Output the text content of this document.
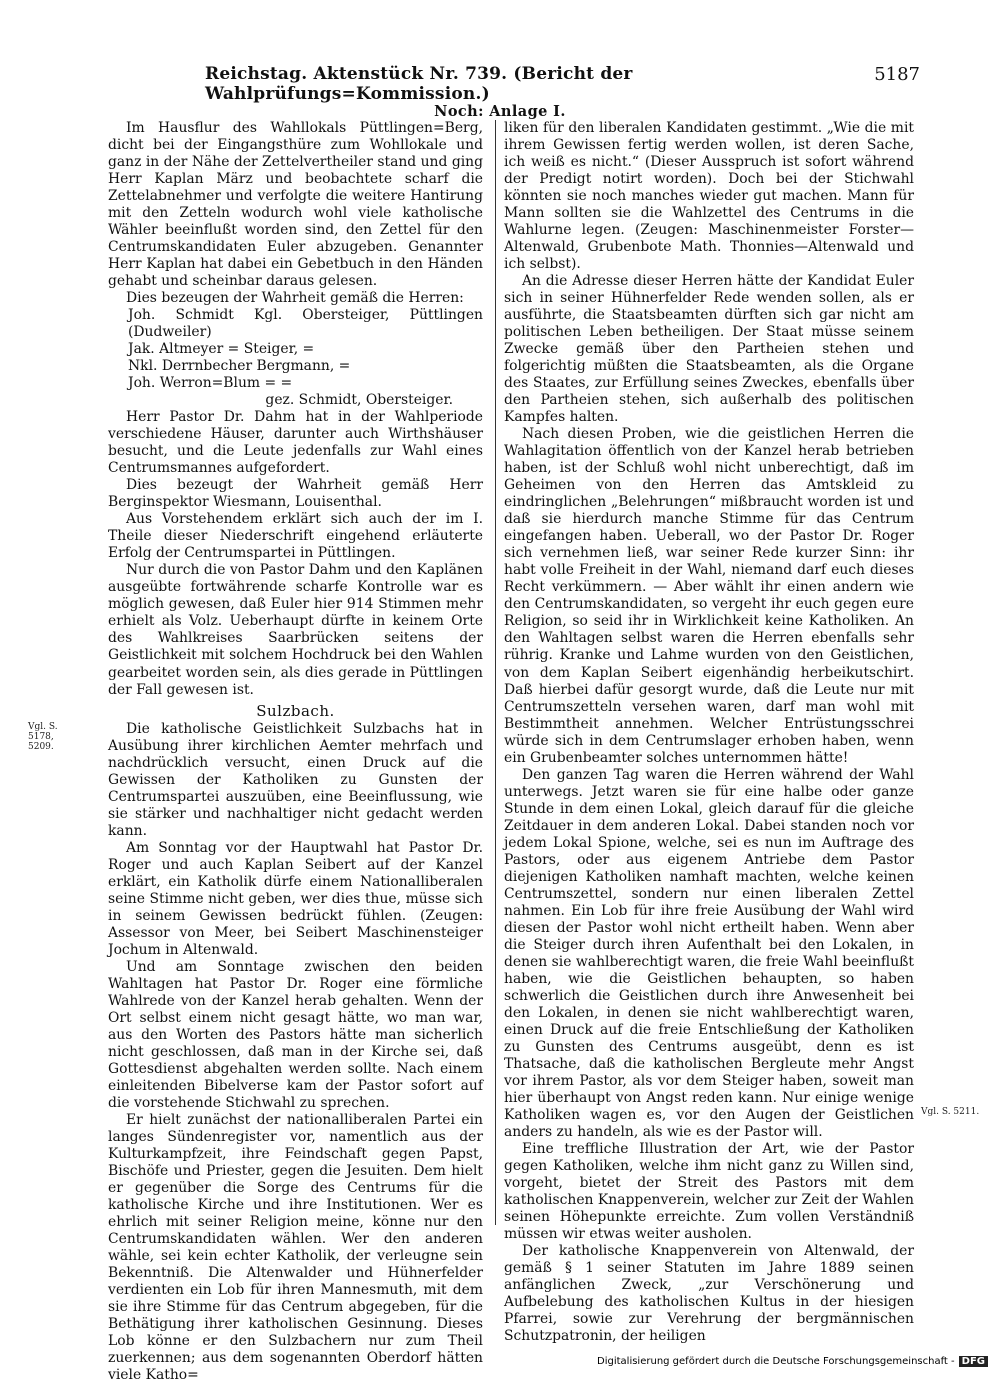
Reichstag. Aktenstück Nr. 739. (Bericht der Wahlprüfungs=Kommission.)
5187
Noch: Anlage I.

Im Hausflur des Wahllokals Püttlingen=Berg, dicht bei der Eingangsthüre zum Wohllokale und ganz in der Nähe der Zettelvertheiler stand und ging Herr Kaplan März und beobachtete scharf die Zettelabnehmer und verfolgte die weitere Hantirung mit den Zetteln wodurch wohl viele katholische Wähler beeinflußt worden sind, den Zettel für den Centrumskandidaten Euler abzugeben. Genannter Herr Kaplan hat dabei ein Gebetbuch in den Händen gehabt und scheinbar daraus gelesen.

Dies bezeugen der Wahrheit gemäß die Herren:

Joh. Schmidt Kgl. Obersteiger, Püttlingen (Dudweiler)

Jak. Altmeyer = Steiger, =

Nkl. Derrnbecher Bergmann, =

Joh. Werron=Blum = =

gez. Schmidt, Obersteiger.

Herr Pastor Dr. Dahm hat in der Wahlperiode verschiedene Häuser, darunter auch Wirthshäuser besucht, und die Leute jedenfalls zur Wahl eines Centrumsmannes aufgefordert.

Dies bezeugt der Wahrheit gemäß Herr Berginspektor Wiesmann, Louisenthal.

Aus Vorstehendem erklärt sich auch der im I. Theile dieser Niederschrift eingehend erläuterte Erfolg der Centrumspartei in Püttlingen.

Nur durch die von Pastor Dahm und den Kaplänen ausgeübte fortwährende scharfe Kontrolle war es möglich gewesen, daß Euler hier 914 Stimmen mehr erhielt als Volz. Ueberhaupt dürfte in keinem Orte des Wahlkreises Saarbrücken seitens der Geistlichkeit mit solchem Hochdruck bei den Wahlen gearbeitet worden sein, als dies gerade in Püttlingen der Fall gewesen ist.

Sulzbach.

Die katholische Geistlichkeit Sulzbachs hat in Ausübung ihrer kirchlichen Aemter mehrfach und nachdrücklich versucht, einen Druck auf die Gewissen der Katholiken zu Gunsten der Centrumspartei auszuüben, eine Beeinflussung, wie sie stärker und nachhaltiger nicht gedacht werden kann.

Am Sonntag vor der Hauptwahl hat Pastor Dr. Roger und auch Kaplan Seibert auf der Kanzel erklärt, ein Katholik dürfe einem Nationalliberalen seine Stimme nicht geben, wer dies thue, müsse sich in seinem Gewissen bedrückt fühlen. (Zeugen: Assessor von Meer, bei Seibert Maschinensteiger Jochum in Altenwald.

Und am Sonntage zwischen den beiden Wahltagen hat Pastor Dr. Roger eine förmliche Wahlrede von der Kanzel herab gehalten. Wenn der Ort selbst einem nicht gesagt hätte, wo man war, aus den Worten des Pastors hätte man sicherlich nicht geschlossen, daß man in der Kirche sei, daß Gottesdienst abgehalten werden sollte. Nach einem einleitenden Bibelverse kam der Pastor sofort auf die vorstehende Stichwahl zu sprechen.

Er hielt zunächst der nationalliberalen Partei ein langes Sündenregister vor, namentlich aus der Kulturkampfzeit, ihre Feindschaft gegen Papst, Bischöfe und Priester, gegen die Jesuiten. Dem hielt er gegenüber die Sorge des Centrums für die katholische Kirche und ihre Institutionen. Wer es ehrlich mit seiner Religion meine, könne nur den Centrumskandidaten wählen. Wer den anderen wähle, sei kein echter Katholik, der verleugne sein Bekenntniß. Die Altenwalder und Hühnerfelder verdienten ein Lob für ihren Mannesmuth, mit dem sie ihre Stimme für das Centrum abgegeben, für die Bethätigung ihrer katholischen Gesinnung. Dieses Lob könne er den Sulzbachern nur zum Theil zuerkennen; aus dem sogenannten Oberdorf hätten viele Katho=

liken für den liberalen Kandidaten gestimmt. „Wie die mit ihrem Gewissen fertig werden wollen, ist deren Sache, ich weiß es nicht.“ (Dieser Ausspruch ist sofort während der Predigt notirt worden). Doch bei der Stichwahl könnten sie noch manches wieder gut machen. Mann für Mann sollten sie die Wahlzettel des Centrums in die Wahlurne legen. (Zeugen: Maschinenmeister Forster—Altenwald, Grubenbote Math. Thonnies—Altenwald und ich selbst).

An die Adresse dieser Herren hätte der Kandidat Euler sich in seiner Hühnerfelder Rede wenden sollen, als er ausführte, die Staatsbeamten dürften sich gar nicht am politischen Leben betheiligen. Der Staat müsse seinem Zwecke gemäß über den Partheien stehen und folgerichtig müßten die Staatsbeamten, als die Organe des Staates, zur Erfüllung seines Zweckes, ebenfalls über den Partheien stehen, sich außerhalb des politischen Kampfes halten.

Nach diesen Proben, wie die geistlichen Herren die Wahlagitation öffentlich von der Kanzel herab betrieben haben, ist der Schluß wohl nicht unberechtigt, daß im Geheimen von den Herren das Amtskleid zu eindringlichen „Belehrungen“ mißbraucht worden ist und daß sie hierdurch manche Stimme für das Centrum eingefangen haben. Ueberall, wo der Pastor Dr. Roger sich vernehmen ließ, war seiner Rede kurzer Sinn: ihr habt volle Freiheit in der Wahl, niemand darf euch dieses Recht verkümmern. — Aber wählt ihr einen andern wie den Centrumskandidaten, so vergeht ihr euch gegen eure Religion, so seid ihr in Wirklichkeit keine Katholiken. An den Wahltagen selbst waren die Herren ebenfalls sehr rührig. Kranke und Lahme wurden von den Geistlichen, von dem Kaplan Seibert eigenhändig herbeikutschirt. Daß hierbei dafür gesorgt wurde, daß die Leute nur mit Centrumszetteln versehen waren, darf man wohl mit Bestimmtheit annehmen. Welcher Entrüstungsschrei würde sich in dem Centrumslager erhoben haben, wenn ein Grubenbeamter solches unternommen hätte!

Den ganzen Tag waren die Herren während der Wahl unterwegs. Jetzt waren sie für eine halbe oder ganze Stunde in dem einen Lokal, gleich darauf für die gleiche Zeitdauer in dem anderen Lokal. Dabei standen noch vor jedem Lokal Spione, welche, sei es nun im Auftrage des Pastors, oder aus eigenem Antriebe dem Pastor diejenigen Katholiken namhaft machten, welche keinen Centrumszettel, sondern nur einen liberalen Zettel nahmen. Ein Lob für ihre freie Ausübung der Wahl wird diesen der Pastor wohl nicht ertheilt haben. Wenn aber die Steiger durch ihren Aufenthalt bei den Lokalen, in denen sie wahlberechtigt waren, die freie Wahl beeinflußt haben, wie die Geistlichen behaupten, so haben schwerlich die Geistlichen durch ihre Anwesenheit bei den Lokalen, in denen sie nicht wahlberechtigt waren, einen Druck auf die freie Entschließung der Katholiken zu Gunsten des Centrums ausgeübt, denn es ist Thatsache, daß die katholischen Bergleute mehr Angst vor ihrem Pastor, als vor dem Steiger haben, soweit man hier überhaupt von Angst reden kann. Nur einige wenige Katholiken wagen es, vor den Augen der Geistlichen anders zu handeln, als wie es der Pastor will.

Eine treffliche Illustration der Art, wie der Pastor gegen Katholiken, welche ihm nicht ganz zu Willen sind, vorgeht, bietet der Streit des Pastors mit dem katholischen Knappenverein, welcher zur Zeit der Wahlen seinen Höhepunkte erreichte. Zum vollen Verständniß müssen wir etwas weiter ausholen.

Der katholische Knappenverein von Altenwald, der gemäß § 1 seiner Statuten im Jahre 1889 seinen anfänglichen Zweck, „zur Verschönerung und Aufbelebung des katholischen Kultus in der hiesigen Pfarrei, sowie zur Verehrung der bergmännischen Schutzpatronin, der heiligen

Vgl. S. 5178, 5209.
Vgl. S. 5211.
Digitalisierung gefördert durch die Deutsche Forschungsgemeinschaft - DFG
